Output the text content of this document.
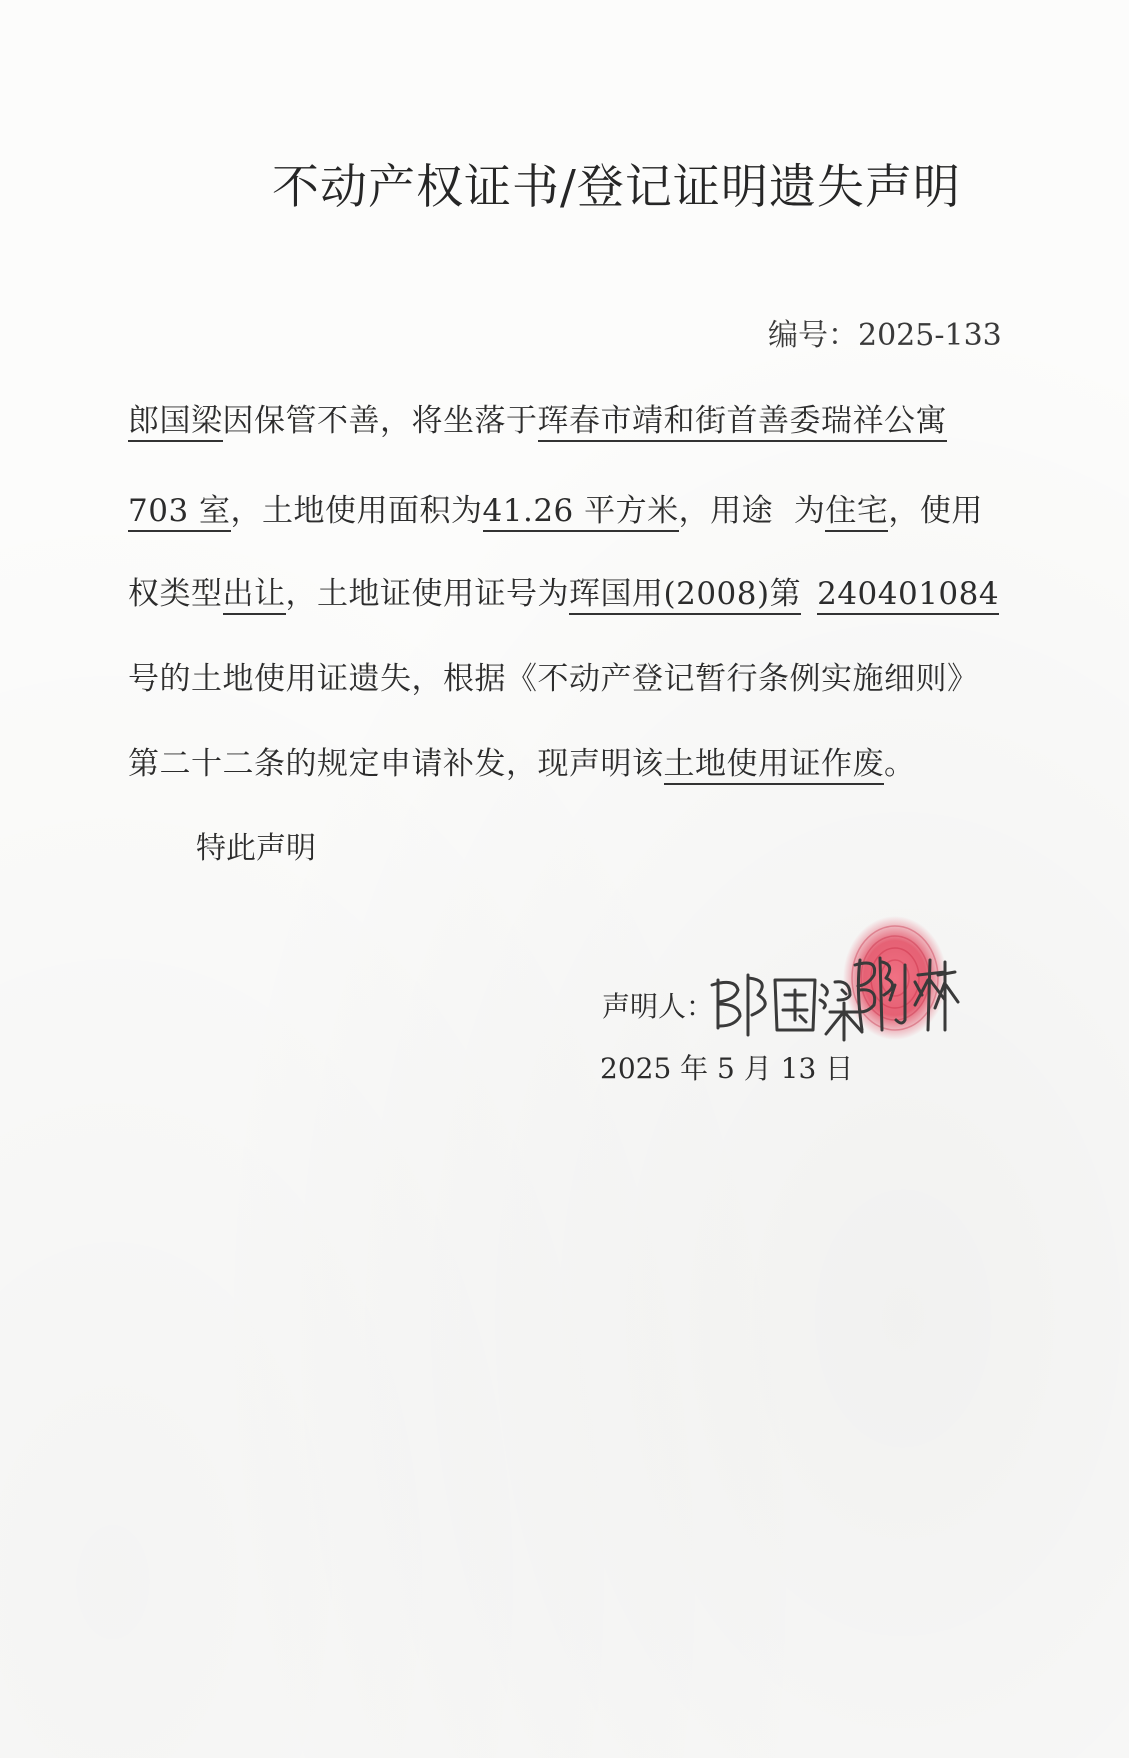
不动产权证书/登记证明遗失声明
编号：2025-133
郎国梁因保管不善，将坐落于珲春市靖和街首善委瑞祥公寓
703 室，土地使用面积为41.26 平方米，用途  为住宅，使用
权类型出让，土地证使用证号为珲国用(2008)第 240401084
号的土地使用证遗失，根据《不动产登记暂行条例实施细则》
第二十二条的规定申请补发，现声明该土地使用证作废。
特此声明
声明人：
2025 年 5 月 13 日
